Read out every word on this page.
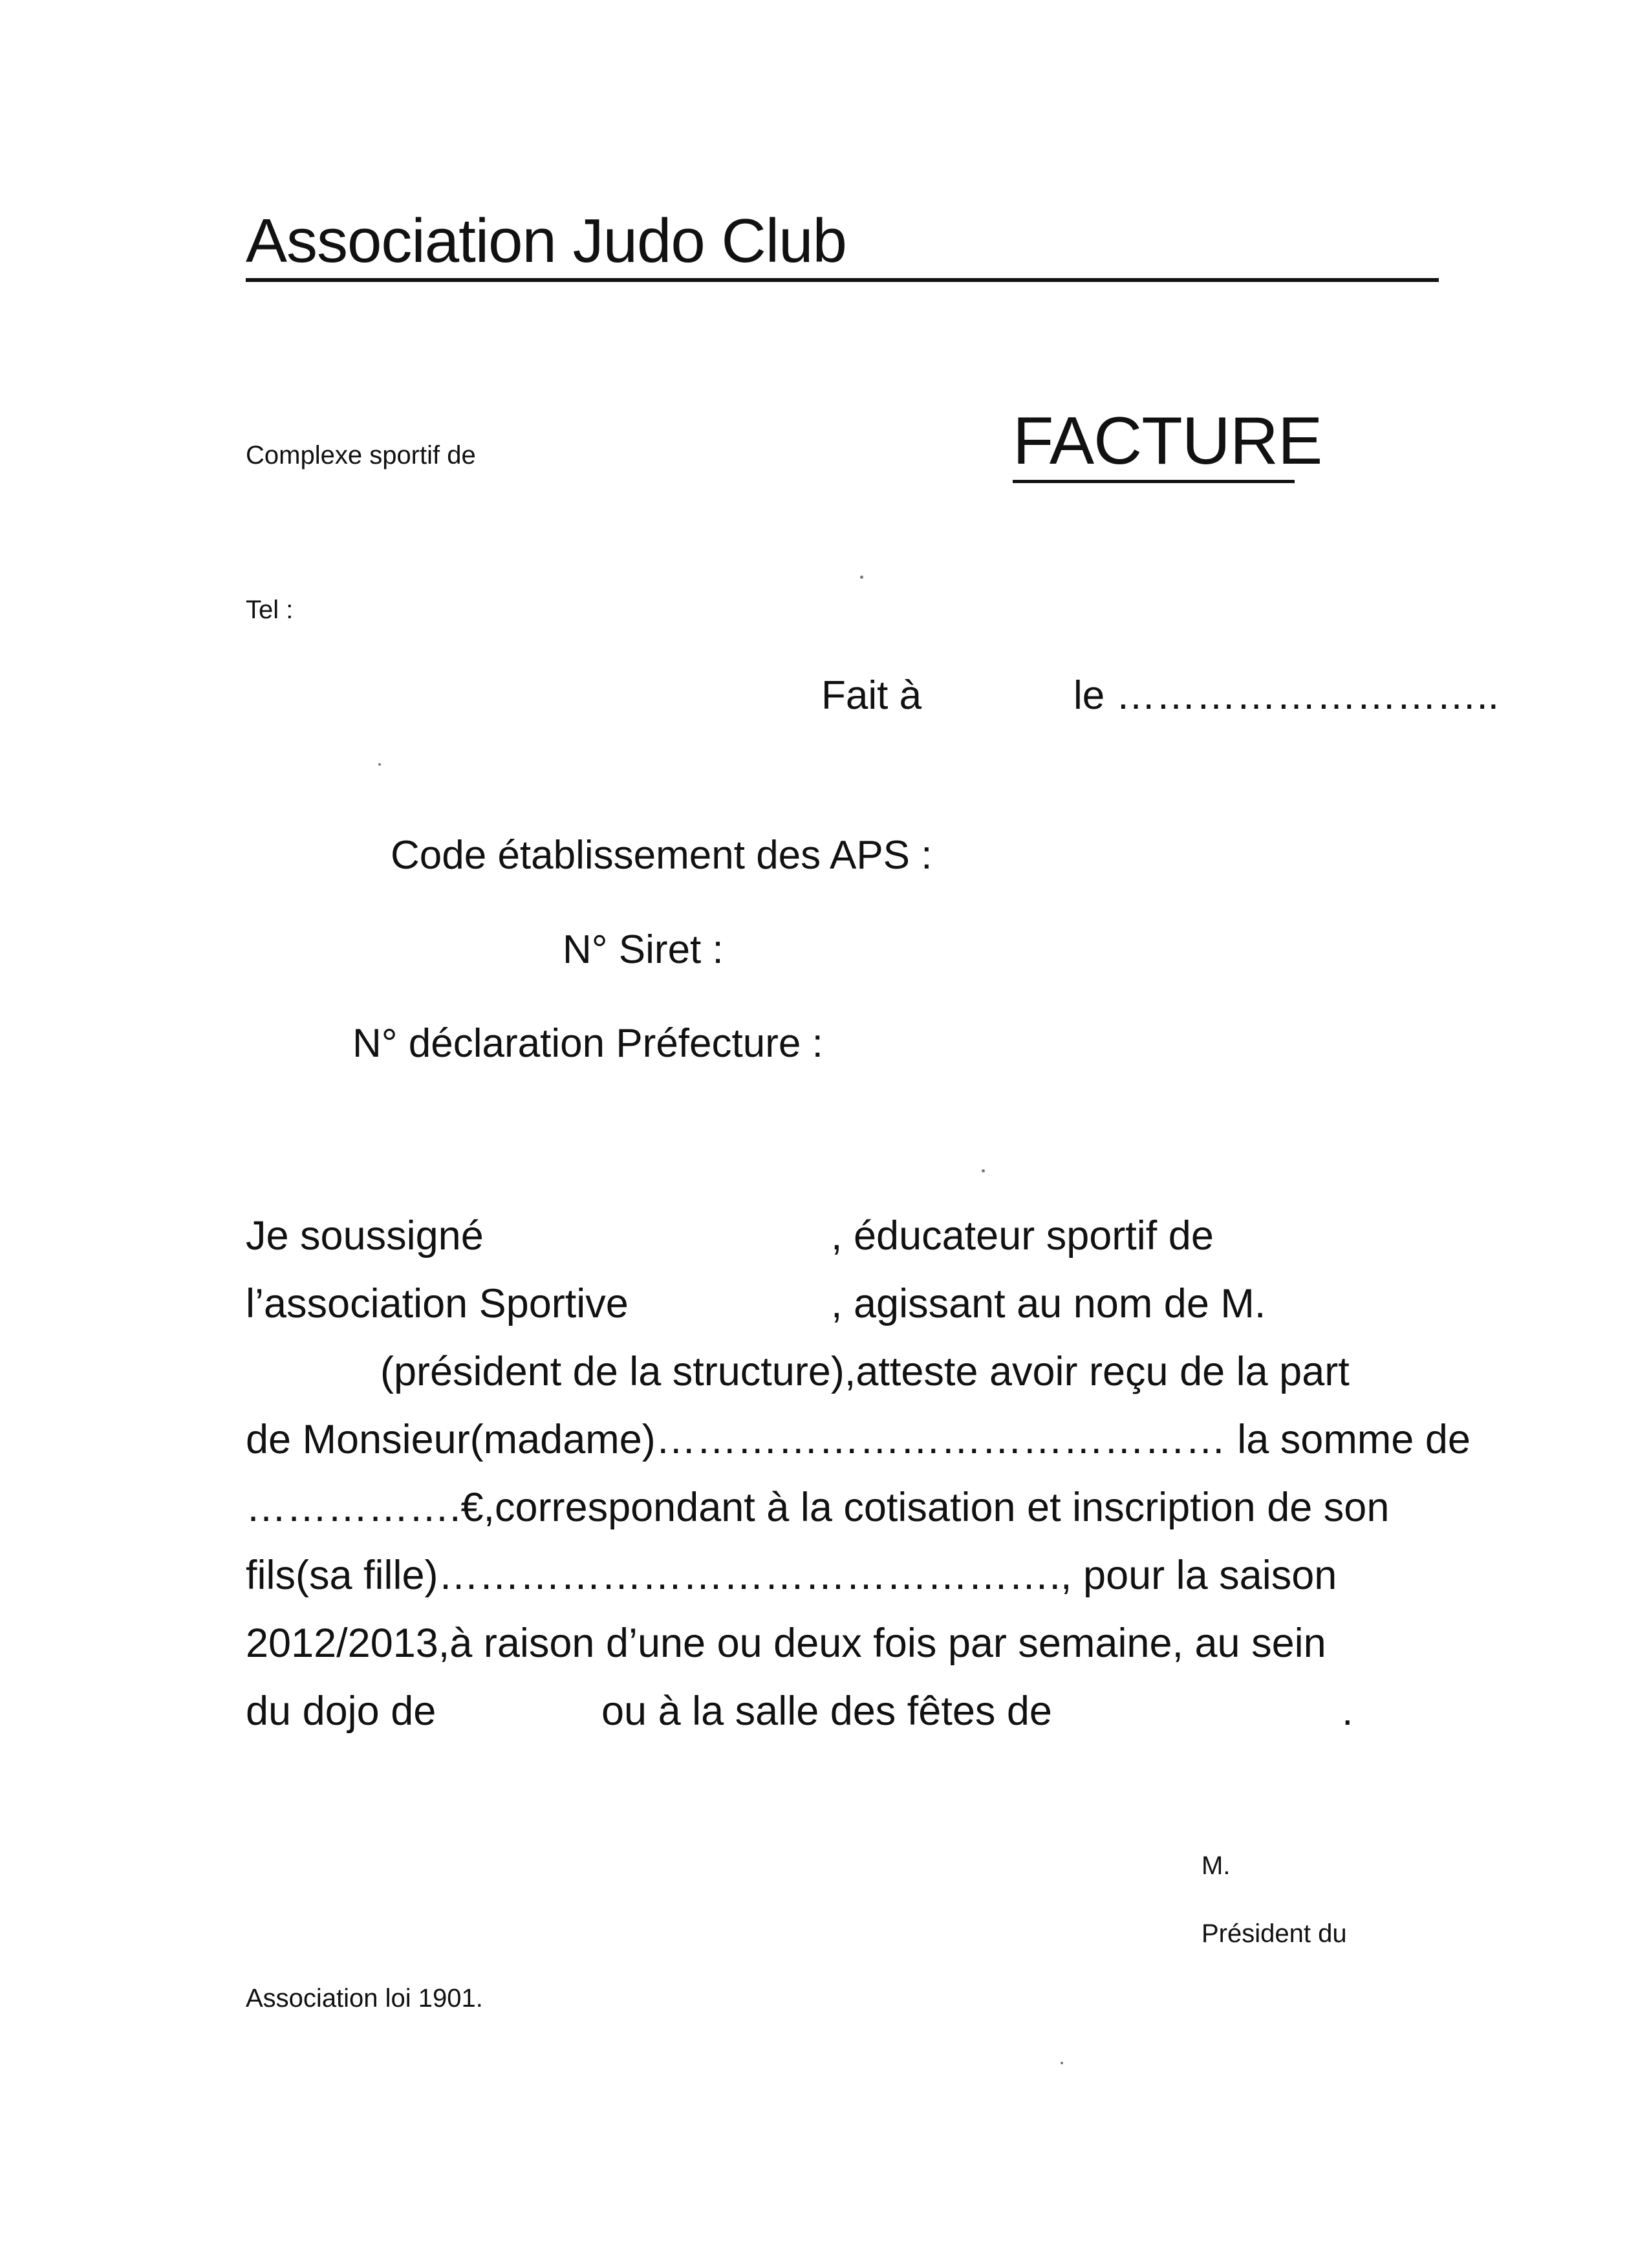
Association Judo Club
Complexe sportif de	FACTURE
Tel :
Fait à	le ………………………..
Code établissement des APS :
N° Siret :
N° déclaration Préfecture :
Je soussigné	, éducateur sportif de
l’association Sportive	, agissant au nom de M.
(président de la structure),atteste avoir reçu de la part
de Monsieur(madame)…………………………………… la somme de
…………….€,correspondant à la cotisation et inscription de son
fils(sa fille)………………………………………., pour la saison
2012/2013,à raison d’une ou deux fois par semaine, au sein
du dojo de	ou à la salle des fêtes de	.
M.
Président du
Association loi 1901.
